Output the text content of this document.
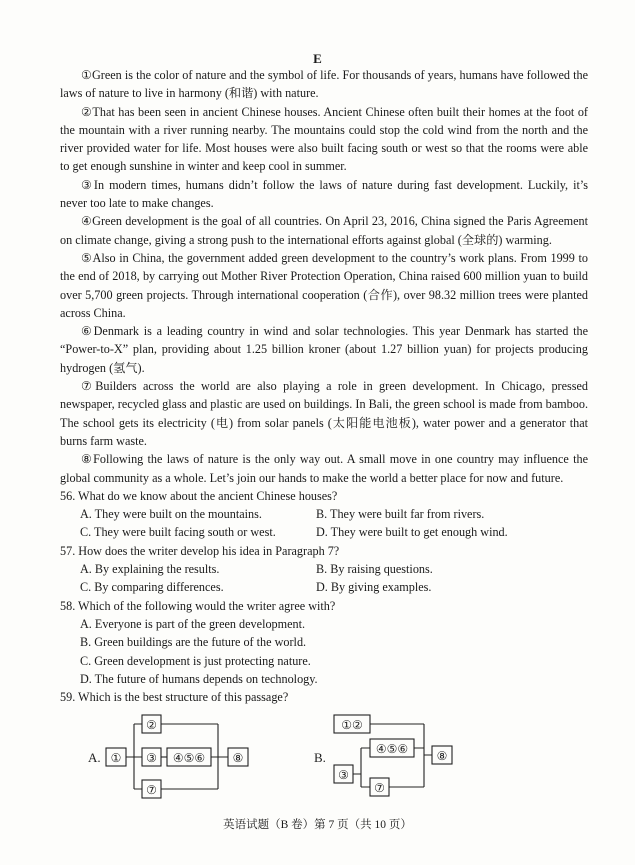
E

①Green is the color of nature and the symbol of life. For thousands of years, humans have followed the laws of nature to live in harmony (和谐) with nature.

②That has been seen in ancient Chinese houses. Ancient Chinese often built their homes at the foot of the mountain with a river running nearby. The mountains could stop the cold wind from the north and the river provided water for life. Most houses were also built facing south or west so that the rooms were able to get enough sunshine in winter and keep cool in summer.

③In modern times, humans didn’t follow the laws of nature during fast development. Luckily, it’s never too late to make changes.

④Green development is the goal of all countries. On April 23, 2016, China signed the Paris Agreement on climate change, giving a strong push to the international efforts against global (全球的) warming.

⑤Also in China, the government added green development to the country’s work plans. From 1999 to the end of 2018, by carrying out Mother River Protection Operation, China raised 600 million yuan to build over 5,700 green projects. Through international cooperation (合作), over 98.32 million trees were planted across China.

⑥Denmark is a leading country in wind and solar technologies. This year Denmark has started the “Power-to-X” plan, providing about 1.25 billion kroner (about 1.27 billion yuan) for projects producing hydrogen (氢气).

⑦Builders across the world are also playing a role in green development. In Chicago, pressed newspaper, recycled glass and plastic are used on buildings. In Bali, the green school is made from bamboo. The school gets its electricity (电) from solar panels (太阳能电池板), water power and a generator that burns farm waste.

⑧Following the laws of nature is the only way out. A small move in one country may influence the global community as a whole. Let’s join our hands to make the world a better place for now and future.

56. What do we know about the ancient Chinese houses?

A. They were built on the mountains.	B. They were built far from rivers.
C. They were built facing south or west.	D. They were built to get enough wind.

57. How does the writer develop his idea in Paragraph 7?

A. By explaining the results.	B. By raising questions.
C. By comparing differences.	D. By giving examples.

58. Which of the following would the writer agree with?

A. Everyone is part of the green development.
B. Green buildings are the future of the world.
C. Green development is just protecting nature.
D. The future of humans depends on technology.

59. Which is the best structure of this passage?

A. ①
②
③ ④⑤⑥
⑦
⑧	B.
①②
③
④⑤⑥
⑦
⑧
英语试题（B 卷）第 7 页（共 10 页）
